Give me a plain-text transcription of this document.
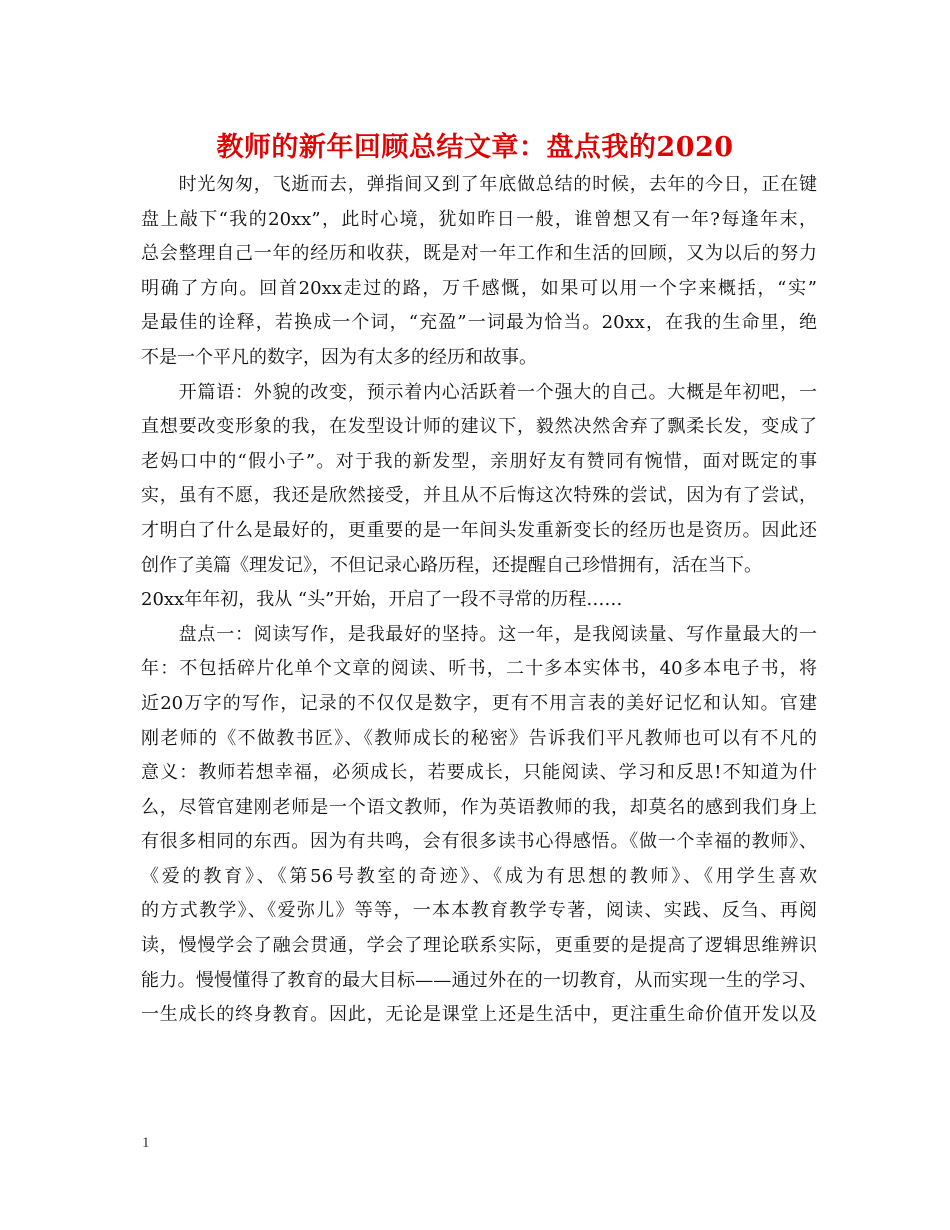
教师的新年回顾总结文章：盘点我的2020
　　时光匆匆，飞逝而去，弹指间又到了年底做总结的时候，去年的今日，正在键
盘上敲下“我的20xx”，此时心境，犹如昨日一般，谁曾想又有一年?每逢年末，
总会整理自己一年的经历和收获，既是对一年工作和生活的回顾，又为以后的努力
明确了方向。回首20xx走过的路，万千感慨，如果可以用一个字来概括，“实”
是最佳的诠释，若换成一个词，“充盈”一词最为恰当。20xx，在我的生命里，绝
不是一个平凡的数字，因为有太多的经历和故事。
　　开篇语：外貌的改变，预示着内心活跃着一个强大的自己。大概是年初吧，一
直想要改变形象的我，在发型设计师的建议下，毅然决然舍弃了飘柔长发，变成了
老妈口中的“假小子”。对于我的新发型，亲朋好友有赞同有惋惜，面对既定的事
实，虽有不愿，我还是欣然接受，并且从不后悔这次特殊的尝试，因为有了尝试，
才明白了什么是最好的，更重要的是一年间头发重新变长的经历也是资历。因此还
创作了美篇《理发记》，不但记录心路历程，还提醒自己珍惜拥有，活在当下。
20xx年年初，我从 “头”开始，开启了一段不寻常的历程……
　　盘点一：阅读写作，是我最好的坚持。这一年，是我阅读量、写作量最大的一
年：不包括碎片化单个文章的阅读、听书，二十多本实体书，40多本电子书，将
近20万字的写作，记录的不仅仅是数字，更有不用言表的美好记忆和认知。官建
刚老师的《不做教书匠》、《教师成长的秘密》告诉我们平凡教师也可以有不凡的
意义：教师若想幸福，必须成长，若要成长，只能阅读、学习和反思!不知道为什
么，尽管官建刚老师是一个语文教师，作为英语教师的我，却莫名的感到我们身上
有很多相同的东西。因为有共鸣，会有很多读书心得感悟。《做一个幸福的教师》、
《爱的教育》、《第56号教室的奇迹》、《成为有思想的教师》、《用学生喜欢
的方式教学》、《爱弥儿》等等，一本本教育教学专著，阅读、实践、反刍、再阅
读，慢慢学会了融会贯通，学会了理论联系实际，更重要的是提高了逻辑思维辨识
能力。慢慢懂得了教育的最大目标——通过外在的一切教育，从而实现一生的学习、
一生成长的终身教育。因此，无论是课堂上还是生活中，更注重生命价值开发以及
1
